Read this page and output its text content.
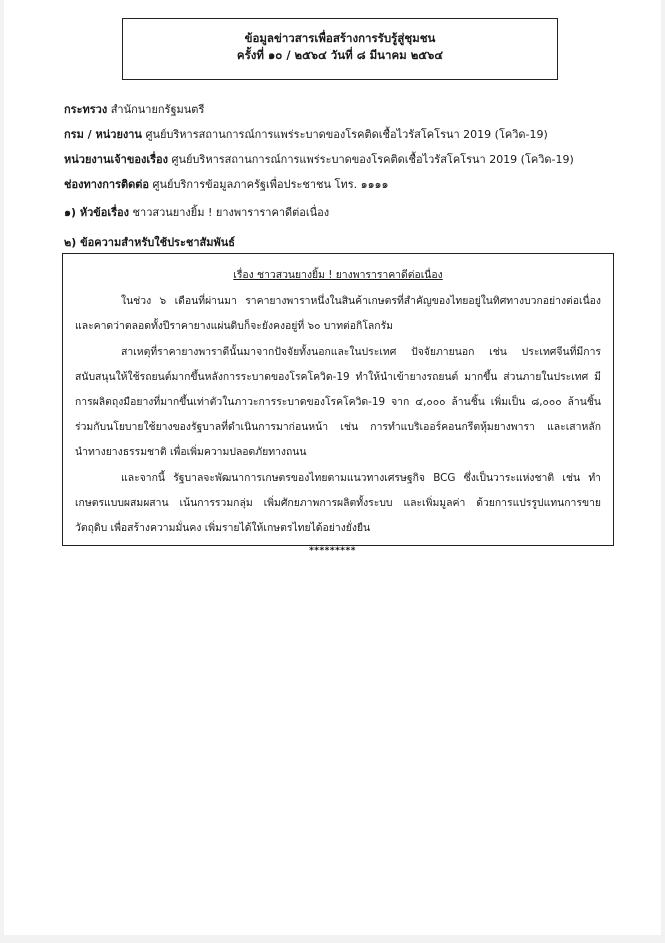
ข้อมูลข่าวสารเพื่อสร้างการรับรู้สู่ชุมชน
ครั้งที่ ๑๐ / ๒๕๖๔ วันที่ ๘ มีนาคม ๒๕๖๔
กระทรวง สำนักนายกรัฐมนตรี
กรม / หน่วยงาน ศูนย์บริหารสถานการณ์การแพร่ระบาดของโรคติดเชื้อไวรัสโคโรนา 2019 (โควิด-19)
หน่วยงานเจ้าของเรื่อง ศูนย์บริหารสถานการณ์การแพร่ระบาดของโรคติดเชื้อไวรัสโคโรนา 2019 (โควิด-19)
ช่องทางการติดต่อ ศูนย์บริการข้อมูลภาครัฐเพื่อประชาชน โทร. ๑๑๑๑
๑) หัวข้อเรื่อง ชาวสวนยางยิ้ม ! ยางพาราราคาดีต่อเนื่อง
๒) ข้อความสำหรับใช้ประชาสัมพันธ์
เรื่อง ชาวสวนยางยิ้ม ! ยางพาราราคาดีต่อเนื่อง

ในช่วง ๖ เดือนที่ผ่านมา ราคายางพาราหนึ่งในสินค้าเกษตรที่สำคัญของไทยอยู่ในทิศทางบวกอย่างต่อเนื่อง และคาดว่าตลอดทั้งปีราคายางแผ่นดิบก็จะยังคงอยู่ที่ ๖๐ บาทต่อกิโลกรัม

สาเหตุที่ราคายางพาราดีนั้นมาจากปัจจัยทั้งนอกและในประเทศ ปัจจัยภายนอก เช่น ประเทศจีนที่มีการสนับสนุนให้ใช้รถยนต์มากขึ้นหลังการระบาดของโรคโควิด-19 ทำให้นำเข้ายางรถยนต์ มากขึ้น ส่วนภายในประเทศ มีการผลิตถุงมือยางที่มากขึ้นเท่าตัวในภาวะการระบาดของโรคโควิด-19 จาก ๔,๐๐๐ ล้านชิ้น เพิ่มเป็น ๘,๐๐๐ ล้านชิ้น ร่วมกับนโยบายใช้ยางของรัฐบาลที่ดำเนินการมาก่อนหน้า เช่น การทำแบริเออร์คอนกรีตหุ้มยางพารา และเสาหลักนำทางยางธรรมชาติ เพื่อเพิ่มความปลอดภัยทางถนน

และจากนี้ รัฐบาลจะพัฒนาการเกษตรของไทยตามแนวทางเศรษฐกิจ BCG ซึ่งเป็นวาระแห่งชาติ เช่น ทำเกษตรแบบผสมผสาน เน้นการรวมกลุ่ม เพิ่มศักยภาพการผลิตทั้งระบบ และเพิ่มมูลค่า ด้วยการแปรรูปแทนการขายวัตถุดิบ เพื่อสร้างความมั่นคง เพิ่มรายได้ให้เกษตรไทยได้อย่างยั่งยืน

*********
